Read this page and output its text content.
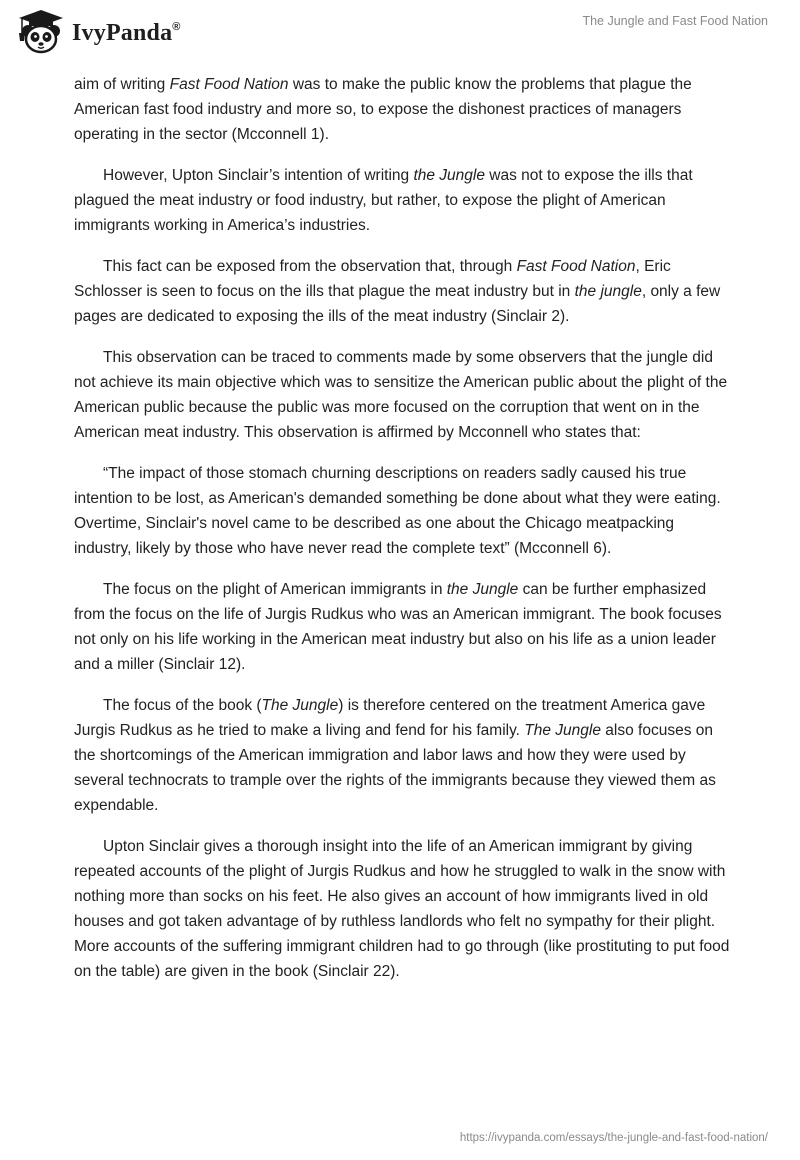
IvyPanda®	The Jungle and Fast Food Nation

aim of writing Fast Food Nation was to make the public know the problems that plague the American fast food industry and more so, to expose the dishonest practices of managers operating in the sector (Mcconnell 1).

However, Upton Sinclair’s intention of writing the Jungle was not to expose the ills that plagued the meat industry or food industry, but rather, to expose the plight of American immigrants working in America’s industries.

This fact can be exposed from the observation that, through Fast Food Nation, Eric Schlosser is seen to focus on the ills that plague the meat industry but in the jungle, only a few pages are dedicated to exposing the ills of the meat industry (Sinclair 2).

This observation can be traced to comments made by some observers that the jungle did not achieve its main objective which was to sensitize the American public about the plight of the American public because the public was more focused on the corruption that went on in the American meat industry. This observation is affirmed by Mcconnell who states that:

“The impact of those stomach churning descriptions on readers sadly caused his true intention to be lost, as American's demanded something be done about what they were eating. Overtime, Sinclair's novel came to be described as one about the Chicago meatpacking industry, likely by those who have never read the complete text” (Mcconnell 6).

The focus on the plight of American immigrants in the Jungle can be further emphasized from the focus on the life of Jurgis Rudkus who was an American immigrant. The book focuses not only on his life working in the American meat industry but also on his life as a union leader and a miller (Sinclair 12).

The focus of the book (The Jungle) is therefore centered on the treatment America gave Jurgis Rudkus as he tried to make a living and fend for his family. The Jungle also focuses on the shortcomings of the American immigration and labor laws and how they were used by several technocrats to trample over the rights of the immigrants because they viewed them as expendable.

Upton Sinclair gives a thorough insight into the life of an American immigrant by giving repeated accounts of the plight of Jurgis Rudkus and how he struggled to walk in the snow with nothing more than socks on his feet. He also gives an account of how immigrants lived in old houses and got taken advantage of by ruthless landlords who felt no sympathy for their plight. More accounts of the suffering immigrant children had to go through (like prostituting to put food on the table) are given in the book (Sinclair 22).

https://ivypanda.com/essays/the-jungle-and-fast-food-nation/
